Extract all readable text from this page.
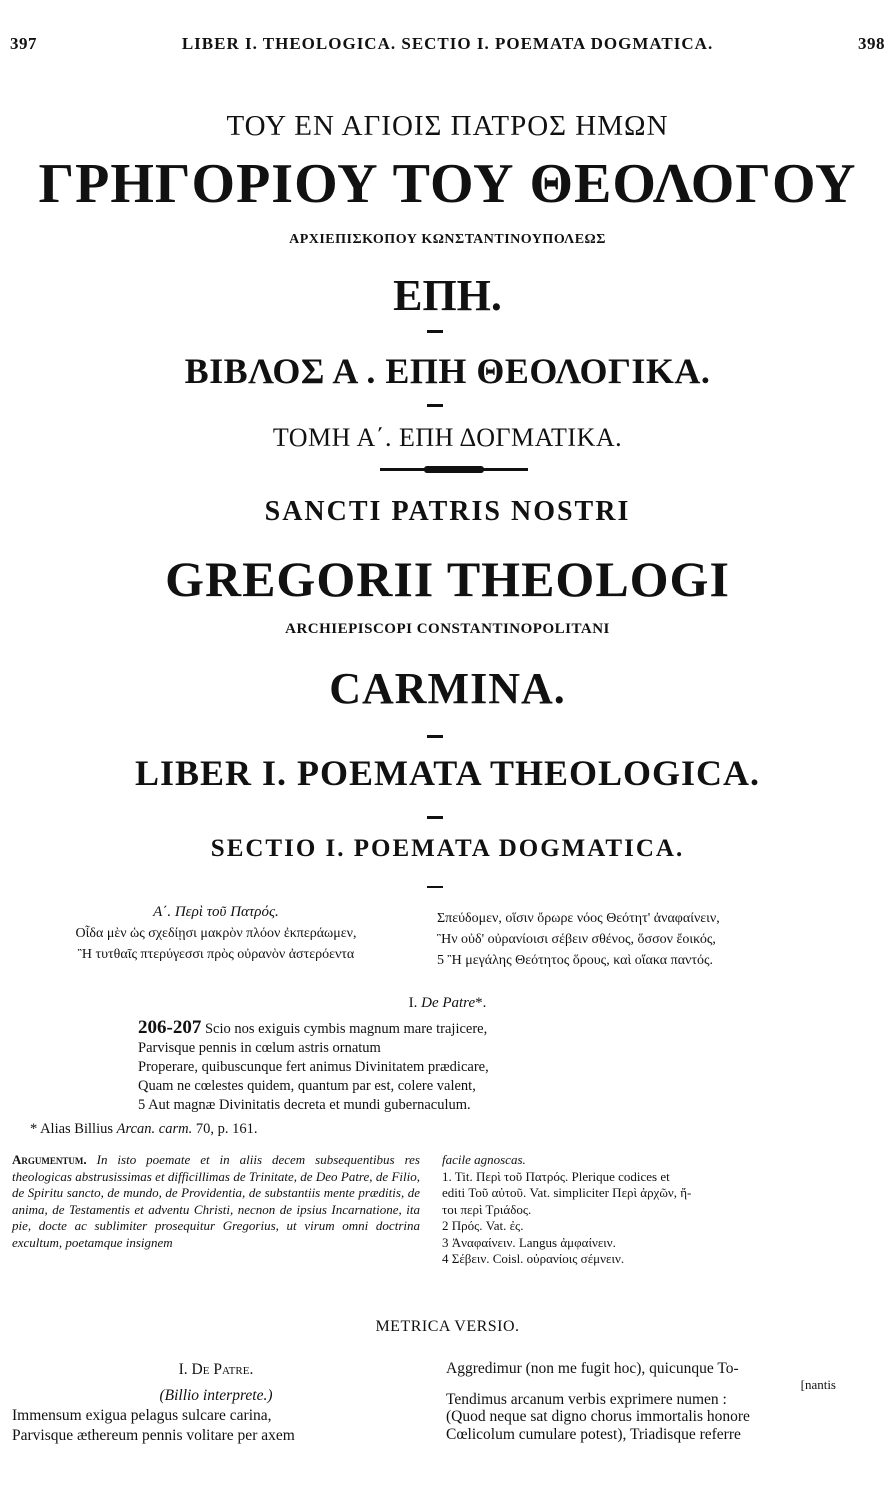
397	LIBER I. THEOLOGICA. SECTIO I. POEMATA DOGMATICA.	398
ΤΟΥ ΕΝ ΑΓΙΟΙΣ ΠΑΤΡΟΣ ΗΜΩΝ
ΓΡΗΓΟΡΙΟΥ ΤΟΥ ΘΕΟΛΟΓΟΥ
ΑΡΧΙΕΠΙΣΚΟΠΟΥ ΚΩΝΣΤΑΝΤΙΝΟΥΠΟΛΕΩΣ
ΕΠΗ.
ΒΙΒΛΟΣ Α . ΕΠΗ ΘΕΟΛΟΓΙΚΑ.
ΤΟΜΗ Α΄. ΕΠΗ ΔΟΓΜΑΤΙΚΑ.
SANCTI PATRIS NOSTRI
GREGORII THEOLOGI
ARCHIEPISCOPI CONSTANTINOPOLITANI
CARMINA.
LIBER I. POEMATA THEOLOGICA.
SECTIO I. POEMATA DOGMATICA.
Α΄. Περὶ τοῦ Πατρός.
Οἶδα μὲν ὡς σχεδίῃσι μακρὸν πλόον ἐκπεράωμεν,
Ἢ τυτθαῖς πτερύγεσσι πρὸς οὐρανὸν ἀστερόεντα
Σπεύδομεν, οἵσιν ὄρωρε νόος Θεότητ' ἀναφαίνειν,
Ἣν οὐδ' οὐρανίοισι σέβειν σθένος, ὅσσον ἔοικός,
5 Ἢ μεγάλης Θεότητος ὅρους, καὶ οἴακα παντός.
I. De Patre*.
206-207 Scio nos exiguis cymbis magnum mare trajicere,
Parvisque pennis in cœlum astris ornatum
Properare, quibuscunque fert animus Divinitatem prædicare,
Quam ne cœlestes quidem, quantum par est, colere valent,
5 Aut magnæ Divinitatis decreta et mundi gubernaculum.
* Alias Billius Arcan. carm. 70, p. 161.
Argumentum. In isto poemate et in aliis decem subsequentibus res theologicas abstrusissimas et difficillimas de Trinitate, de Deo Patre, de Filio, de Spiritu sancto, de mundo, de Providentia, de substantiis mente præditis, de anima, de Testamentis et adventu Christi, necnon de ipsius Incarnatione, ita pie, docte ac sublimiter prosequitur Gregorius, ut virum omni doctrina excultum, poetamque insignem
facile agnoscas.
1. Tit. Περὶ τοῦ Πατρός. Plerique codices et
editi Τοῦ αὐτοῦ. Vat. simpliciter Περὶ ἀρχῶν, ἤ-
τοι περὶ Τριάδος.
2 Πρός. Vat. ἐς.
3 Ἀναφαίνειν. Langus ἀμφαίνειν.
4 Σέβειν. Coisl. οὐρανίοις σέμνειν.
METRICA VERSIO.
I. De Patre.
(Billio interprete.)
Immensum exigua pelagus sulcare carina,
Parvisque æthereum pennis volitare per axem
Aggredimur (non me fugit hoc), quicunque To-
[nantis
Tendimus arcanum verbis exprimere numen :
(Quod neque sat digno chorus immortalis honore
Cœlicolum cumulare potest), Triadisque referre
